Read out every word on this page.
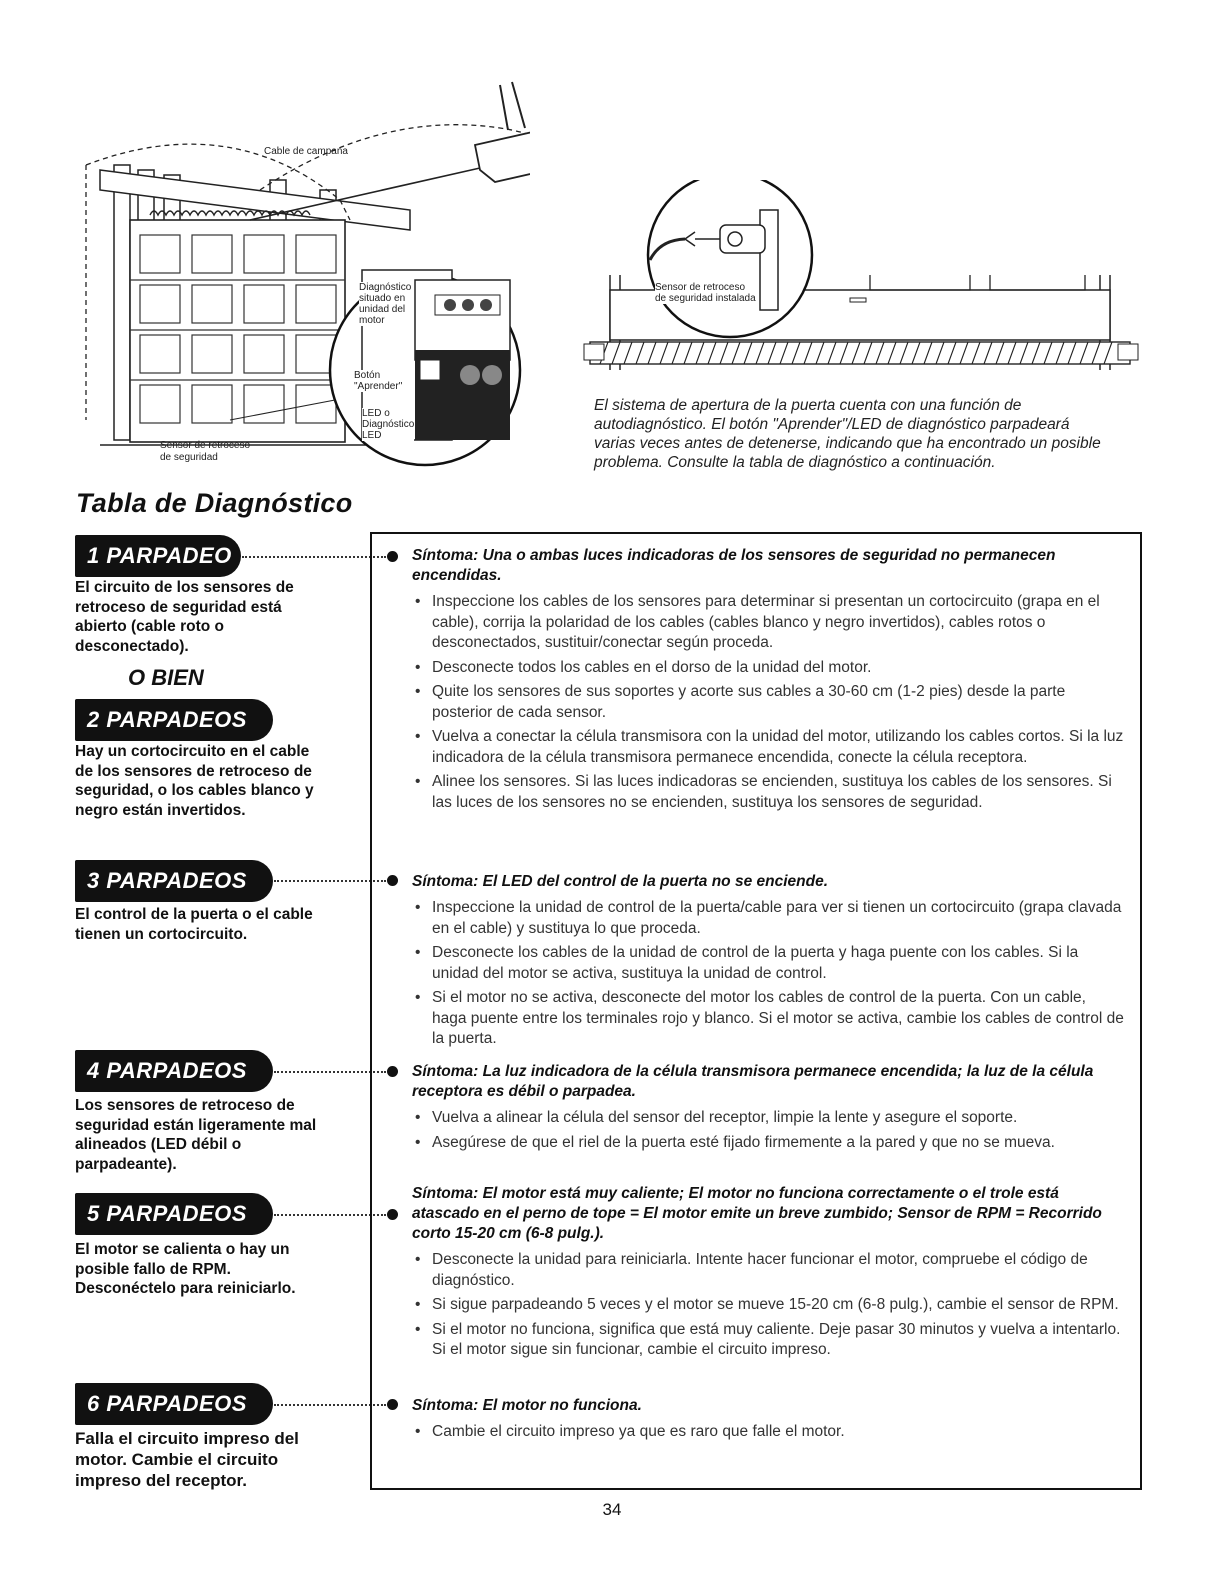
Cable de campana
Sensor de retroceso
de seguridad
Diagnóstico
situado en
unidad del
motor
Botón
"Aprender"
LED o
Diagnóstico
LED
Sensor de retroceso
de seguridad instalada
El sistema de apertura de la puerta cuenta con una función de autodiagnóstico. El botón "Aprender"/LED de diagnóstico parpadeará varias veces antes de detenerse, indicando que ha encontrado un posible problema. Consulte la tabla de diagnóstico a continuación.
Tabla de Diagnóstico
1 PARPADEO
El circuito de los sensores de retroceso de seguridad está abierto (cable roto o desconectado).
O BIEN
2 PARPADEOS
Hay un cortocircuito en el cable de los sensores de retroceso de seguridad, o los cables blanco y negro están invertidos.
3 PARPADEOS
El control de la puerta o el cable tienen un cortocircuito.
4 PARPADEOS
Los sensores de retroceso de seguridad están ligeramente mal alineados (LED débil o parpadeante).
5 PARPADEOS
El motor se calienta o hay un posible fallo de RPM. Desconéctelo para reiniciarlo.
6 PARPADEOS
Falla el circuito impreso del motor. Cambie el circuito impreso del receptor.
Síntoma: Una o ambas luces indicadoras de los sensores de seguridad no permanecen encendidas.
• Inspeccione los cables de los sensores para determinar si presentan un cortocircuito (grapa en el cable), corrija la polaridad de los cables (cables blanco y negro invertidos), cables rotos o desconectados, sustituir/conectar según proceda.
• Desconecte todos los cables en el dorso de la unidad del motor.
• Quite los sensores de sus soportes y acorte sus cables a 30-60 cm (1-2 pies) desde la parte posterior de cada sensor.
• Vuelva a conectar la célula transmisora con la unidad del motor, utilizando los cables cortos. Si la luz indicadora de la célula transmisora permanece encendida, conecte la célula receptora.
• Alinee los sensores. Si las luces indicadoras se encienden, sustituya los cables de los sensores. Si las luces de los sensores no se encienden, sustituya los sensores de seguridad.
Síntoma: El LED del control de la puerta no se enciende.
• Inspeccione la unidad de control de la puerta/cable para ver si tienen un cortocircuito (grapa clavada en el cable) y sustituya lo que proceda.
• Desconecte los cables de la unidad de control de la puerta y haga puente con los cables. Si la unidad del motor se activa, sustituya la unidad de control.
• Si el motor no se activa, desconecte del motor los cables de control de la puerta. Con un cable, haga puente entre los terminales rojo y blanco. Si el motor se activa, cambie los cables de control de la puerta.
Síntoma: La luz indicadora de la célula transmisora permanece encendida; la luz de la célula receptora es débil o parpadea.
• Vuelva a alinear la célula del sensor del receptor, limpie la lente y asegure el soporte.
• Asegúrese de que el riel de la puerta esté fijado firmemente a la pared y que no se mueva.
Síntoma: El motor está muy caliente; El motor no funciona correctamente o el trole está atascado en el perno de tope = El motor emite un breve zumbido; Sensor de RPM = Recorrido corto 15-20 cm (6-8 pulg.).
• Desconecte la unidad para reiniciarla. Intente hacer funcionar el motor, compruebe el código de diagnóstico.
• Si sigue parpadeando 5 veces y el motor se mueve 15-20 cm (6-8 pulg.), cambie el sensor de RPM.
• Si el motor no funciona, significa que está muy caliente. Deje pasar 30 minutos y vuelva a intentarlo. Si el motor sigue sin funcionar, cambie el circuito impreso.
Síntoma: El motor no funciona.
• Cambie el circuito impreso ya que es raro que falle el motor.
34
